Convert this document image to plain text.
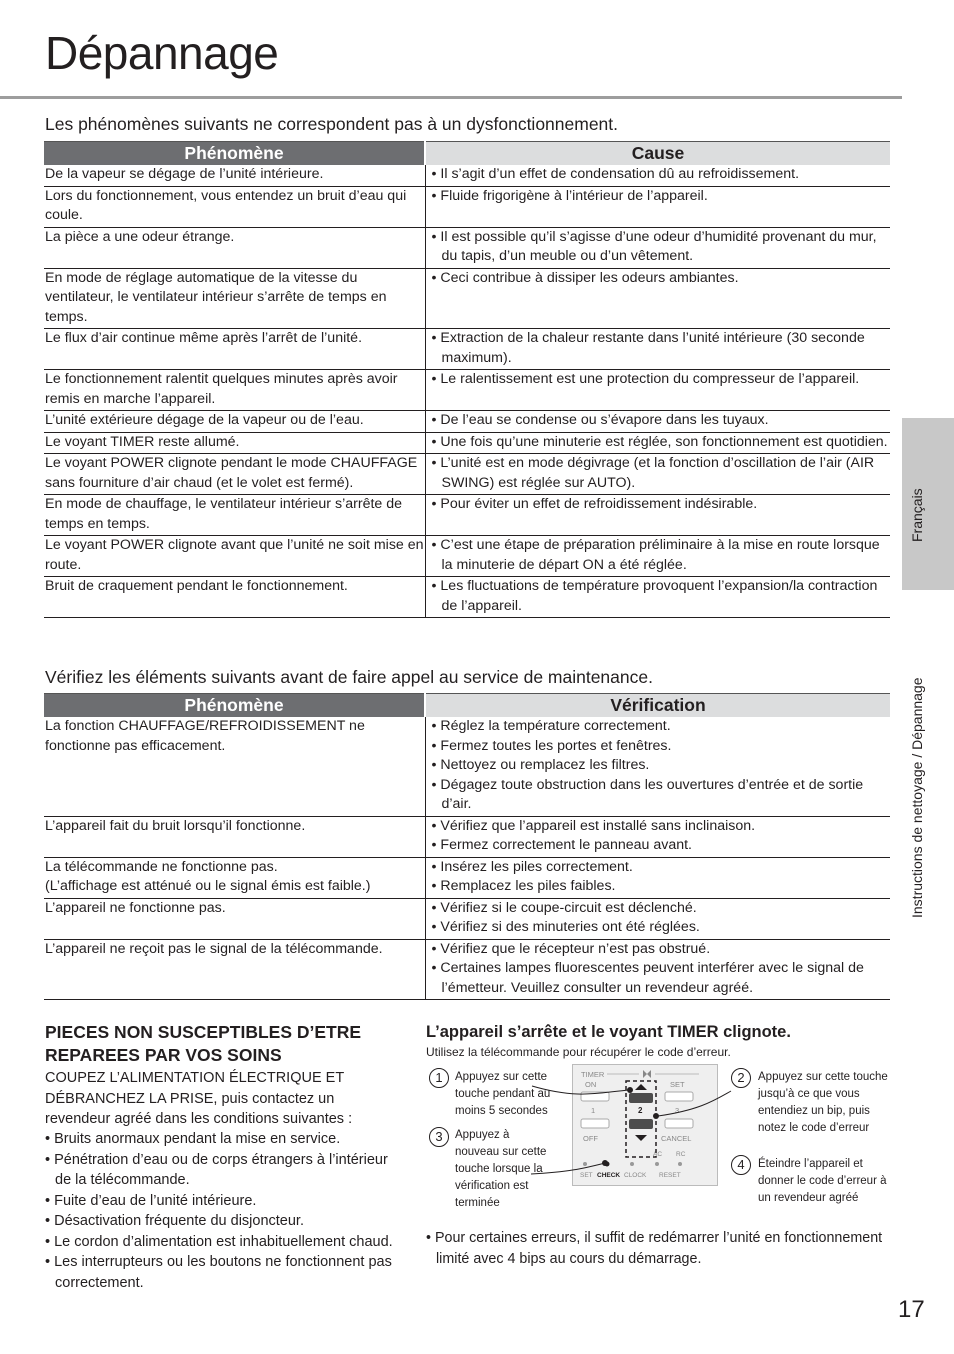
Dépannage
Français
Instructions de nettoyage / Dépannage

Les phénomènes suivants ne correspondent pas à un dysfonctionnement.

Phénomène	Cause
De la vapeur se dégage de l’unité intérieure.	• Il s’agit d’un effet de condensation dû au refroidissement.

Lors du fonctionnement, vous entendez un bruit d’eau qui coule.	• Fluide frigorigène à l’intérieur de l’appareil.

La pièce a une odeur étrange.	• Il est possible qu’il s’agisse d’une odeur d’humidité provenant du mur, du tapis, d’un meuble ou d’un vêtement.

En mode de réglage automatique de la vitesse du ventilateur, le ventilateur intérieur s’arrête de temps en temps.	• Ceci contribue à dissiper les odeurs ambiantes.

Le flux d’air continue même après l’arrêt de l’unité.	• Extraction de la chaleur restante dans l’unité intérieure (30 seconde maximum).

Le fonctionnement ralentit quelques minutes après avoir remis en marche l’appareil.	• Le ralentissement est une protection du compresseur de l’appareil.

L’unité extérieure dégage de la vapeur ou de l’eau.	• De l’eau se condense ou s’évapore dans les tuyaux.

Le voyant TIMER reste allumé.	• Une fois qu’une minuterie est réglée, son fonctionnement est quotidien.

Le voyant POWER clignote pendant le mode CHAUFFAGE sans fourniture d’air chaud (et le volet est fermé).	• L’unité est en mode dégivrage (et la fonction d’oscillation de l’air (AIR SWING) est réglée sur AUTO).

En mode de chauffage, le ventilateur intérieur s’arrête de temps en temps.	• Pour éviter un effet de refroidissement indésirable.

Le voyant POWER clignote avant que l’unité ne soit mise en route.	• C’est une étape de préparation préliminaire à la mise en route lorsque la minuterie de départ ON a été réglée.

Bruit de craquement pendant le fonctionnement.	• Les fluctuations de température provoquent l’expansion/la contraction de l’appareil.

Vérifiez les éléments suivants avant de faire appel au service de maintenance.

Phénomène	Vérification
La fonction CHAUFFAGE/REFROIDISSEMENT ne fonctionne pas efficacement.	• Réglez la température correctement.
• Fermez toutes les portes et fenêtres.
• Nettoyez ou remplacez les filtres.
• Dégagez toute obstruction dans les ouvertures d’entrée et de sortie d’air.

L’appareil fait du bruit lorsqu’il fonctionne.	• Vérifiez que l’appareil est installé sans inclinaison.
• Fermez correctement le panneau avant.

La télécommande ne fonctionne pas.
(L’affichage est atténué ou le signal émis est faible.)	• Insérez les piles correctement.
• Remplacez les piles faibles.

L’appareil ne fonctionne pas.	• Vérifiez si le coupe-circuit est déclenché.
• Vérifiez si des minuteries ont été réglées.

L’appareil ne reçoit pas le signal de la télécommande.	• Vérifiez que le récepteur n’est pas obstrué.
• Certaines lampes fluorescentes peuvent interférer avec le signal de l’émetteur. Veuillez consulter un revendeur agréé.
PIECES NON SUSCEPTIBLES D’ETRE REPAREES PAR VOS SOINS
COUPEZ L’ALIMENTATION ÉLECTRIQUE ET DÉBRANCHEZ LA PRISE, puis contactez un revendeur agréé dans les conditions suivantes :
• Bruits anormaux pendant la mise en service.
• Pénétration d’eau ou de corps étrangers à l’intérieur de la télécommande.
• Fuite d’eau de l’unité intérieure.
• Désactivation fréquente du disjoncteur.
• Le cordon d’alimentation est inhabituellement chaud.
• Les interrupteurs ou les boutons ne fonctionnent pas correctement.
L’appareil s’arrête et le voyant TIMER clignote.

Utilisez la télécommande pour récupérer le code d’erreur.

1	Appuyez sur cette touche pendant au moins 5 secondes
3	Appuyez à nouveau sur cette touche lorsque la vérification est terminée
2	Appuyez sur cette touche jusqu’à ce que vous entendiez un bip, puis notez le code d’erreur
4	Éteindre l’appareil et donner le code d’erreur à un revendeur agréé
TIMER
ON	SET
1	3
OFF	CANCEL
AC RC
SET CHECK CLOCK RESET
2
• Pour certaines erreurs, il suffit de redémarrer l’unité en fonctionnement limité avec 4 bips au cours du démarrage.
17
